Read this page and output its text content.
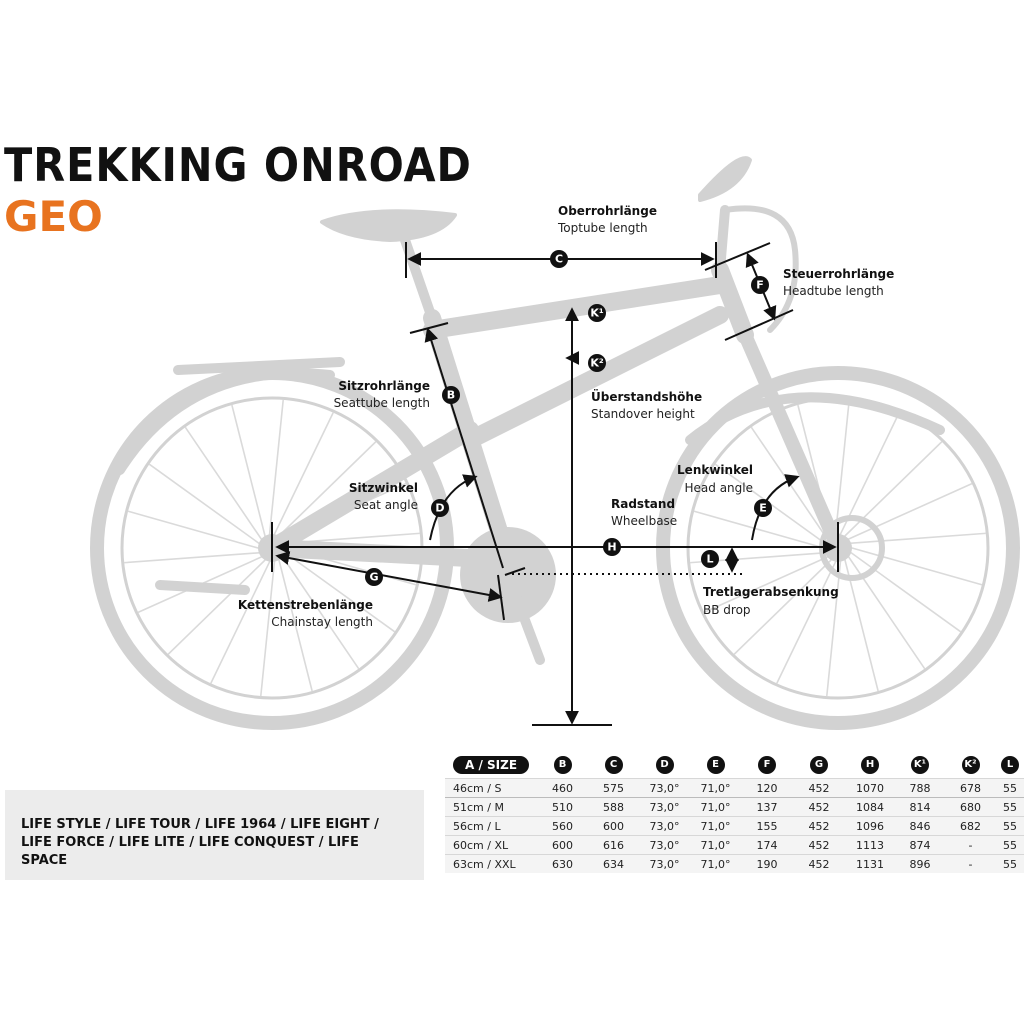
TREKKING ONROAD
GEO
C
F
B
K¹
K²
D	E
H
L
G
Oberrohrlänge
Toptube length
Steuerrohrlänge
Headtube length
Sitzrohrlänge
Seattube length	Überstandshöhe
Standover height
Sitzwinkel
Seat angle
Lenkwinkel
Head angle
Radstand
Wheelbase
Tretlagerabsenkung
BB drop
Kettenstrebenlänge
Chainstay length

LIFE STYLE / LIFE TOUR / LIFE 1964 / LIFE EIGHT / LIFE FORCE / LIFE LITE / LIFE CONQUEST / LIFE SPACE

A / SIZE	B	C	D	E	F	G	H	K¹	K²	L
46cm / S	460	575	73,0°	71,0°	120	452	1070	788	678	55
51cm / M	510	588	73,0°	71,0°	137	452	1084	814	680	55
56cm / L	560	600	73,0°	71,0°	155	452	1096	846	682	55
60cm / XL	600	616	73,0°	71,0°	174	452	1113	874	-	55
63cm / XXL	630	634	73,0°	71,0°	190	452	1131	896	-	55
